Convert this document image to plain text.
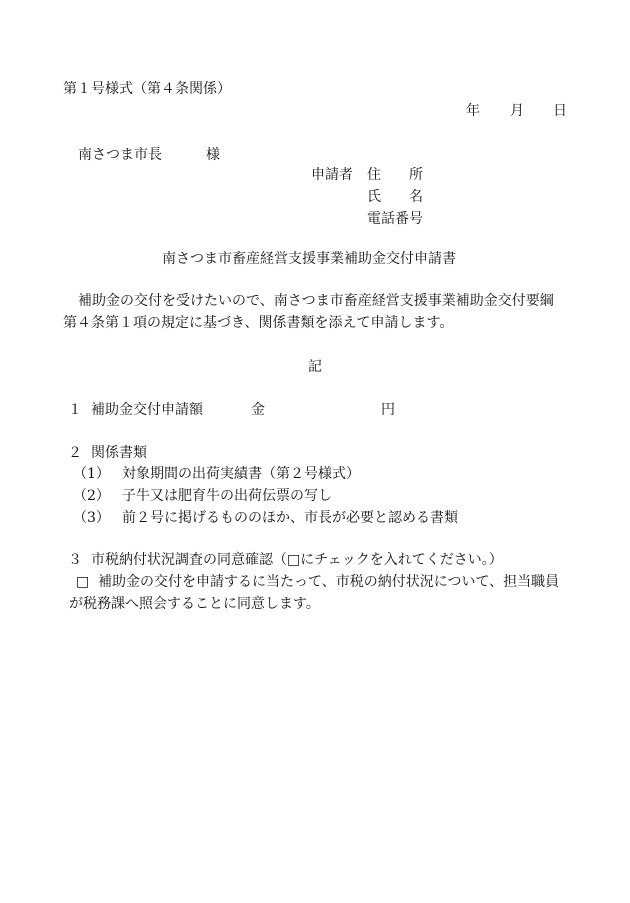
第１号様式（第４条関係）
年 月 日
南さつま市長	様
申請者 住 所
氏 名
電話番号
南さつま市畜産経営支援事業補助金交付申請書
補助金の交付を受けたいので、南さつま市畜産経営支援事業補助金交付要綱
第４条第１項の規定に基づき、関係書類を添えて申請します。
記
１ 補助金交付申請額	金	円
２ 関係書類
（1） 対象期間の出荷実績書（第２号様式）
（2） 子牛又は肥育牛の出荷伝票の写し
（3） 前２号に掲げるもののほか、市長が必要と認める書類
３ 市税納付状況調査の同意確認（□にチェックを入れてください。）
□ 補助金の交付を申請するに当たって、市税の納付状況について、担当職員
が税務課へ照会することに同意します。
